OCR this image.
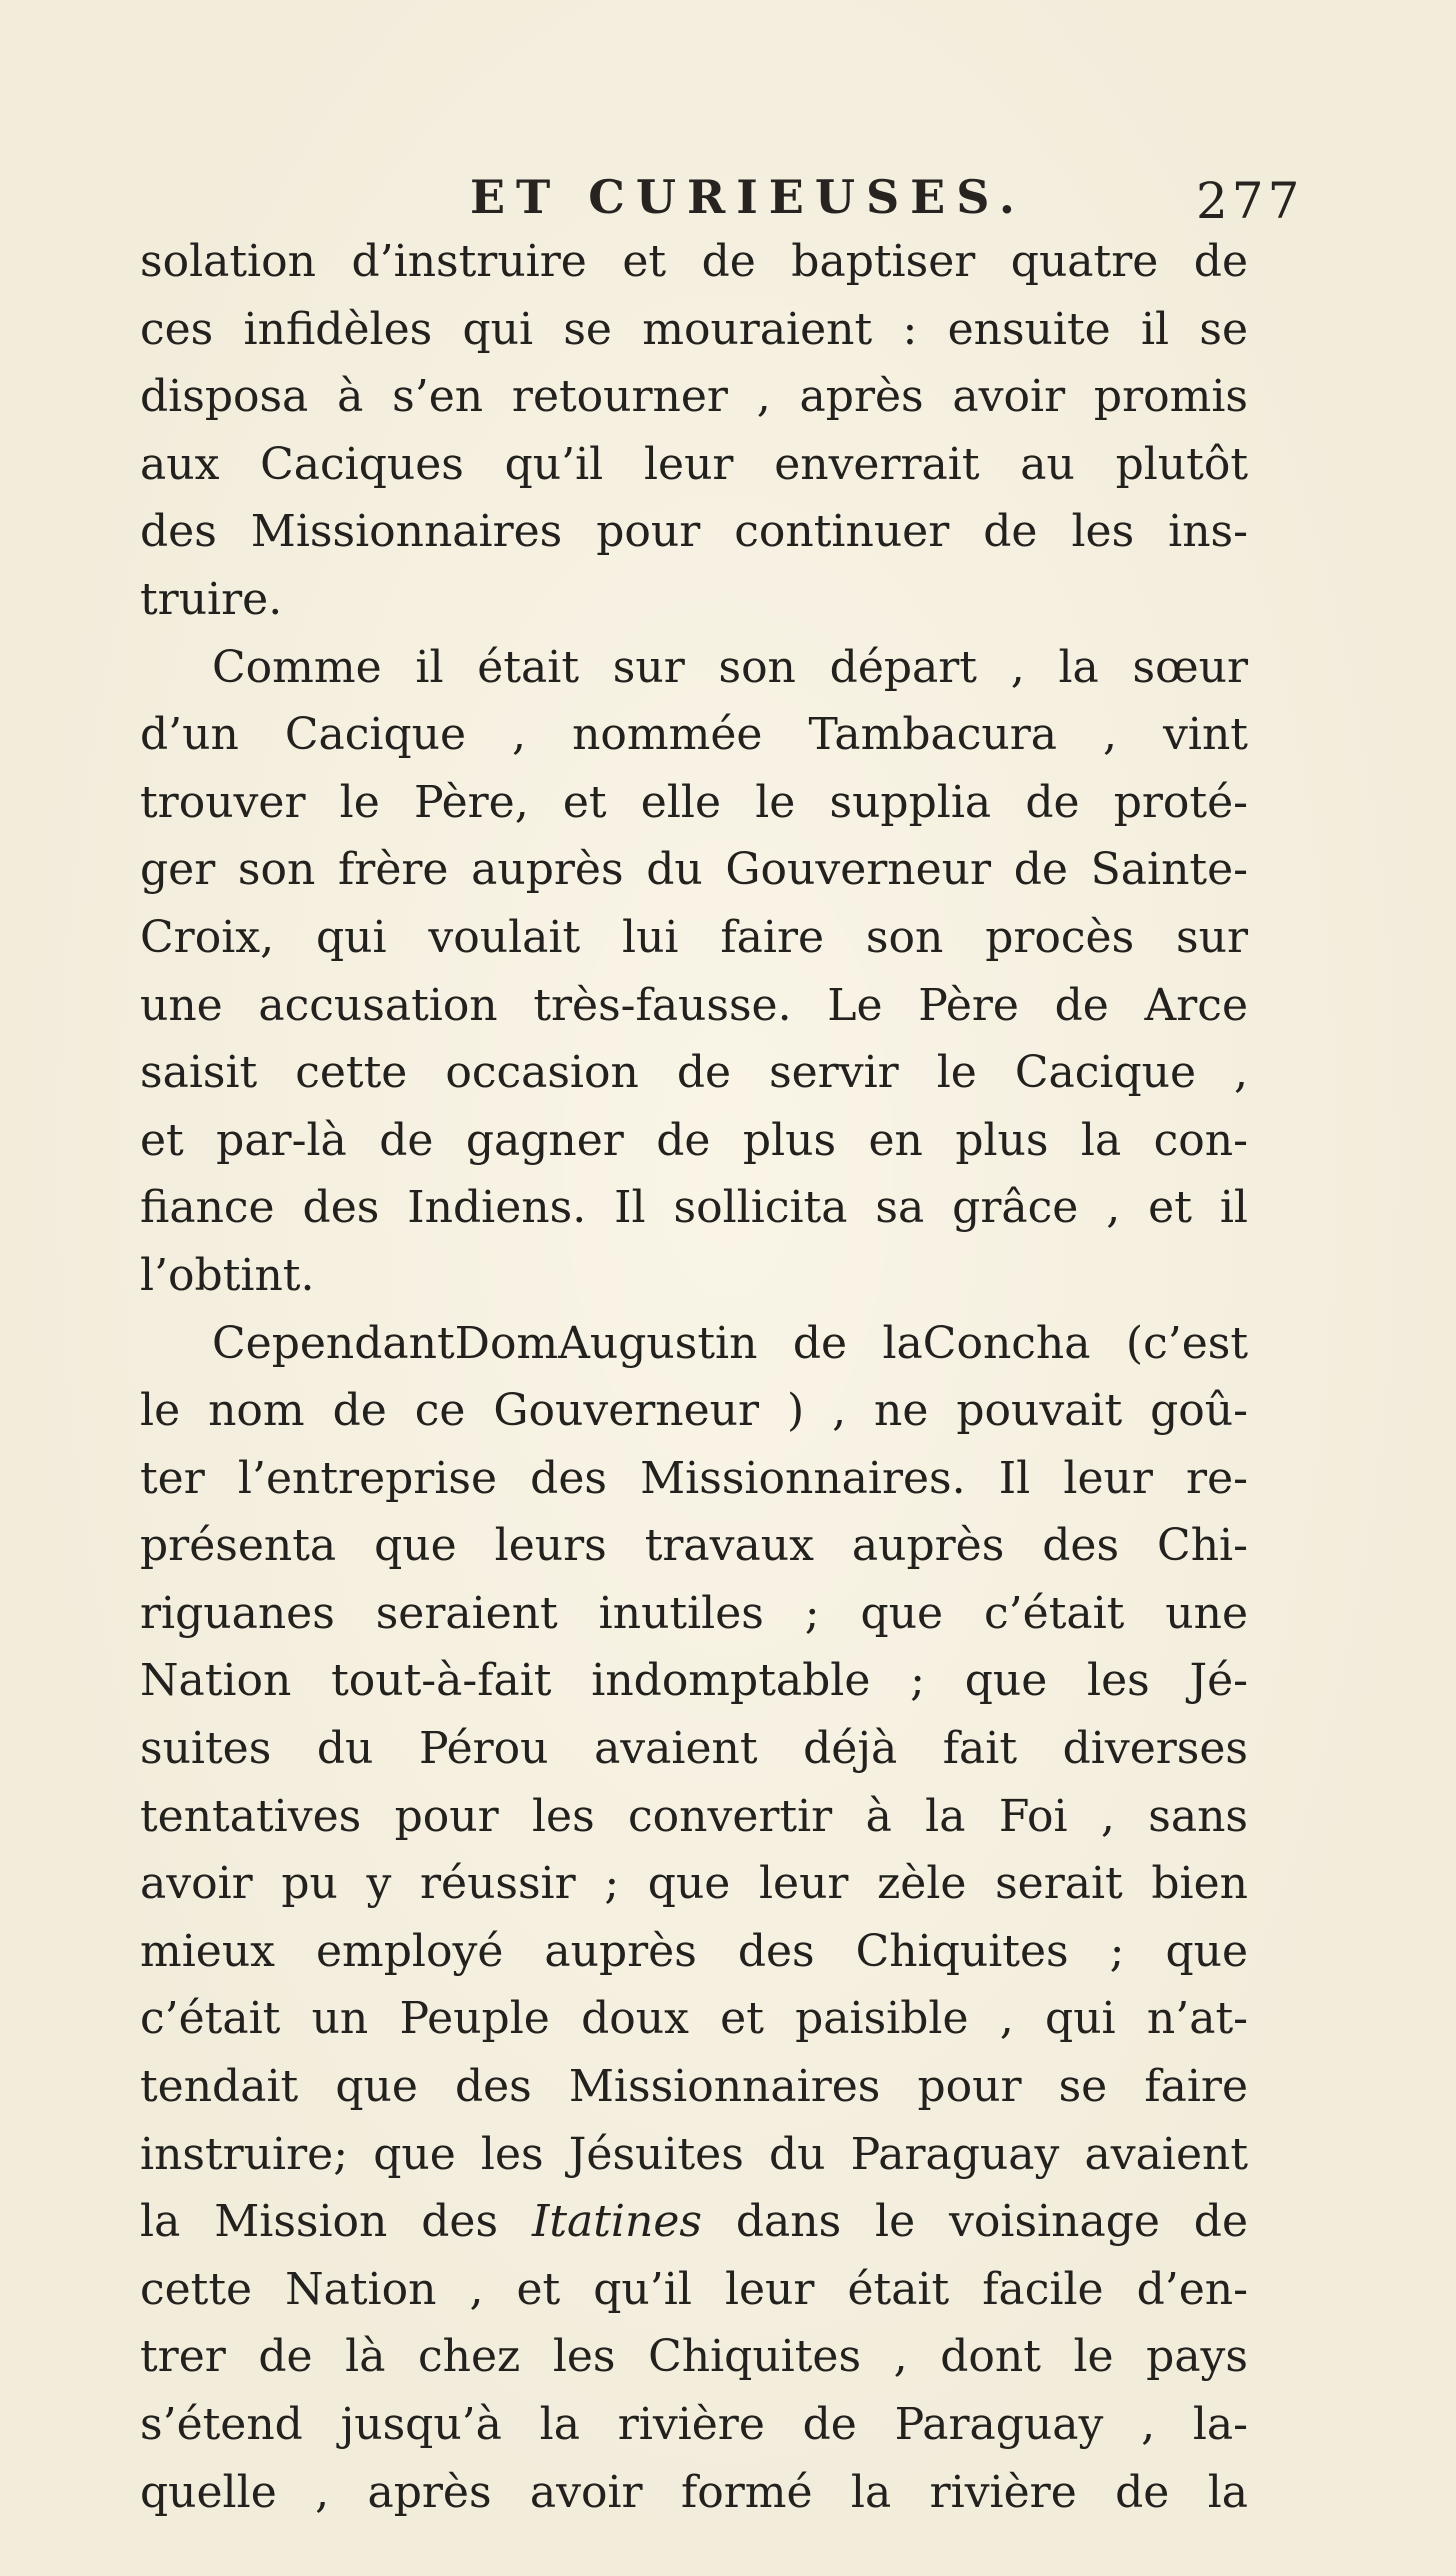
ET CURIEUSES.	277
solation d’instruire et de baptiser quatre de
ces infidèles qui se mouraient : ensuite il se
disposa à s’en retourner , après avoir promis
aux Caciques qu’il leur enverrait au plutôt
des Missionnaires pour continuer de les ins-
truire.
Comme il était sur son départ , la sœur
d’un Cacique , nommée Tambacura , vint
trouver le Père, et elle le supplia de proté-
ger son frère auprès du Gouverneur de Sainte-
Croix, qui voulait lui faire son procès sur
une accusation très-fausse. Le Père de Arce
saisit cette occasion de servir le Cacique ,
et par-là de gagner de plus en plus la con-
fiance des Indiens. Il sollicita sa grâce , et il
l’obtint.
CependantDomAugustin de laConcha (c’est
le nom de ce Gouverneur ) , ne pouvait goû-
ter l’entreprise des Missionnaires. Il leur re-
présenta que leurs travaux auprès des Chi-
riguanes seraient inutiles ; que c’était une
Nation tout-à-fait indomptable ; que les Jé-
suites du Pérou avaient déjà fait diverses
tentatives pour les convertir à la Foi , sans
avoir pu y réussir ; que leur zèle serait bien
mieux employé auprès des Chiquites ; que
c’était un Peuple doux et paisible , qui n’at-
tendait que des Missionnaires pour se faire
instruire; que les Jésuites du Paraguay avaient
la Mission des Itatines dans le voisinage de
cette Nation , et qu’il leur était facile d’en-
trer de là chez les Chiquites , dont le pays
s’étend jusqu’à la rivière de Paraguay , la-
quelle , après avoir formé la rivière de la
